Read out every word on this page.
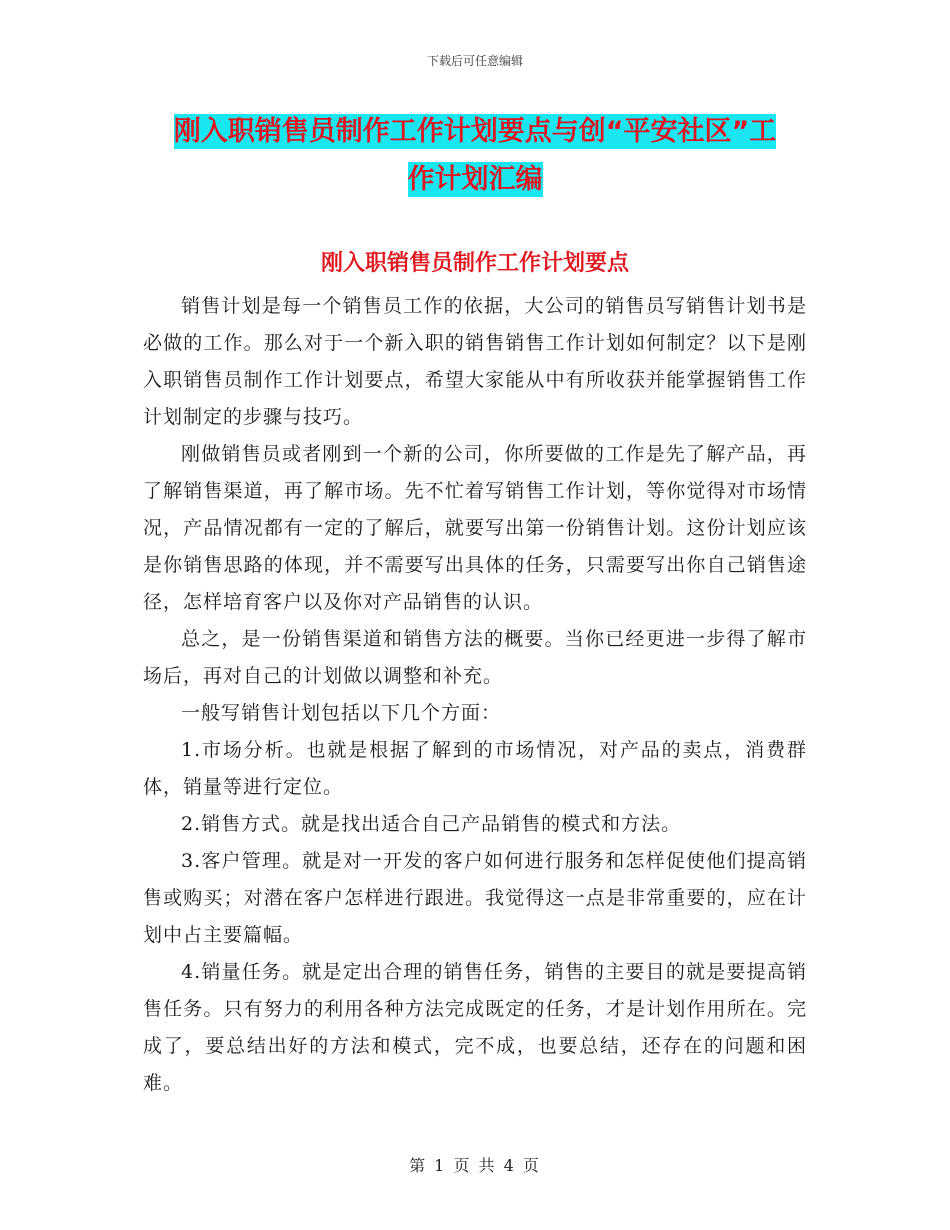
下载后可任意编辑
刚入职销售员制作工作计划要点与创“平安社区”工
作计划汇编
刚入职销售员制作工作计划要点

销售计划是每一个销售员工作的依据，大公司的销售员写销售计划书是必做的工作。那么对于一个新入职的销售销售工作计划如何制定？以下是刚入职销售员制作工作计划要点，希望大家能从中有所收获并能掌握销售工作计划制定的步骤与技巧。

刚做销售员或者刚到一个新的公司，你所要做的工作是先了解产品，再了解销售渠道，再了解市场。先不忙着写销售工作计划，等你觉得对市场情况，产品情况都有一定的了解后，就要写出第一份销售计划。这份计划应该是你销售思路的体现，并不需要写出具体的任务，只需要写出你自己销售途径，怎样培育客户以及你对产品销售的认识。

总之，是一份销售渠道和销售方法的概要。当你已经更进一步得了解市场后，再对自己的计划做以调整和补充。

一般写销售计划包括以下几个方面：

1.市场分析。也就是根据了解到的市场情况，对产品的卖点，消费群体，销量等进行定位。

2.销售方式。就是找出适合自己产品销售的模式和方法。

3.客户管理。就是对一开发的客户如何进行服务和怎样促使他们提高销售或购买；对潜在客户怎样进行跟进。我觉得这一点是非常重要的，应在计划中占主要篇幅。

4.销量任务。就是定出合理的销售任务，销售的主要目的就是要提高销售任务。只有努力的利用各种方法完成既定的任务，才是计划作用所在。完成了，要总结出好的方法和模式，完不成，也要总结，还存在的问题和困难。

第 1 页 共 4 页
